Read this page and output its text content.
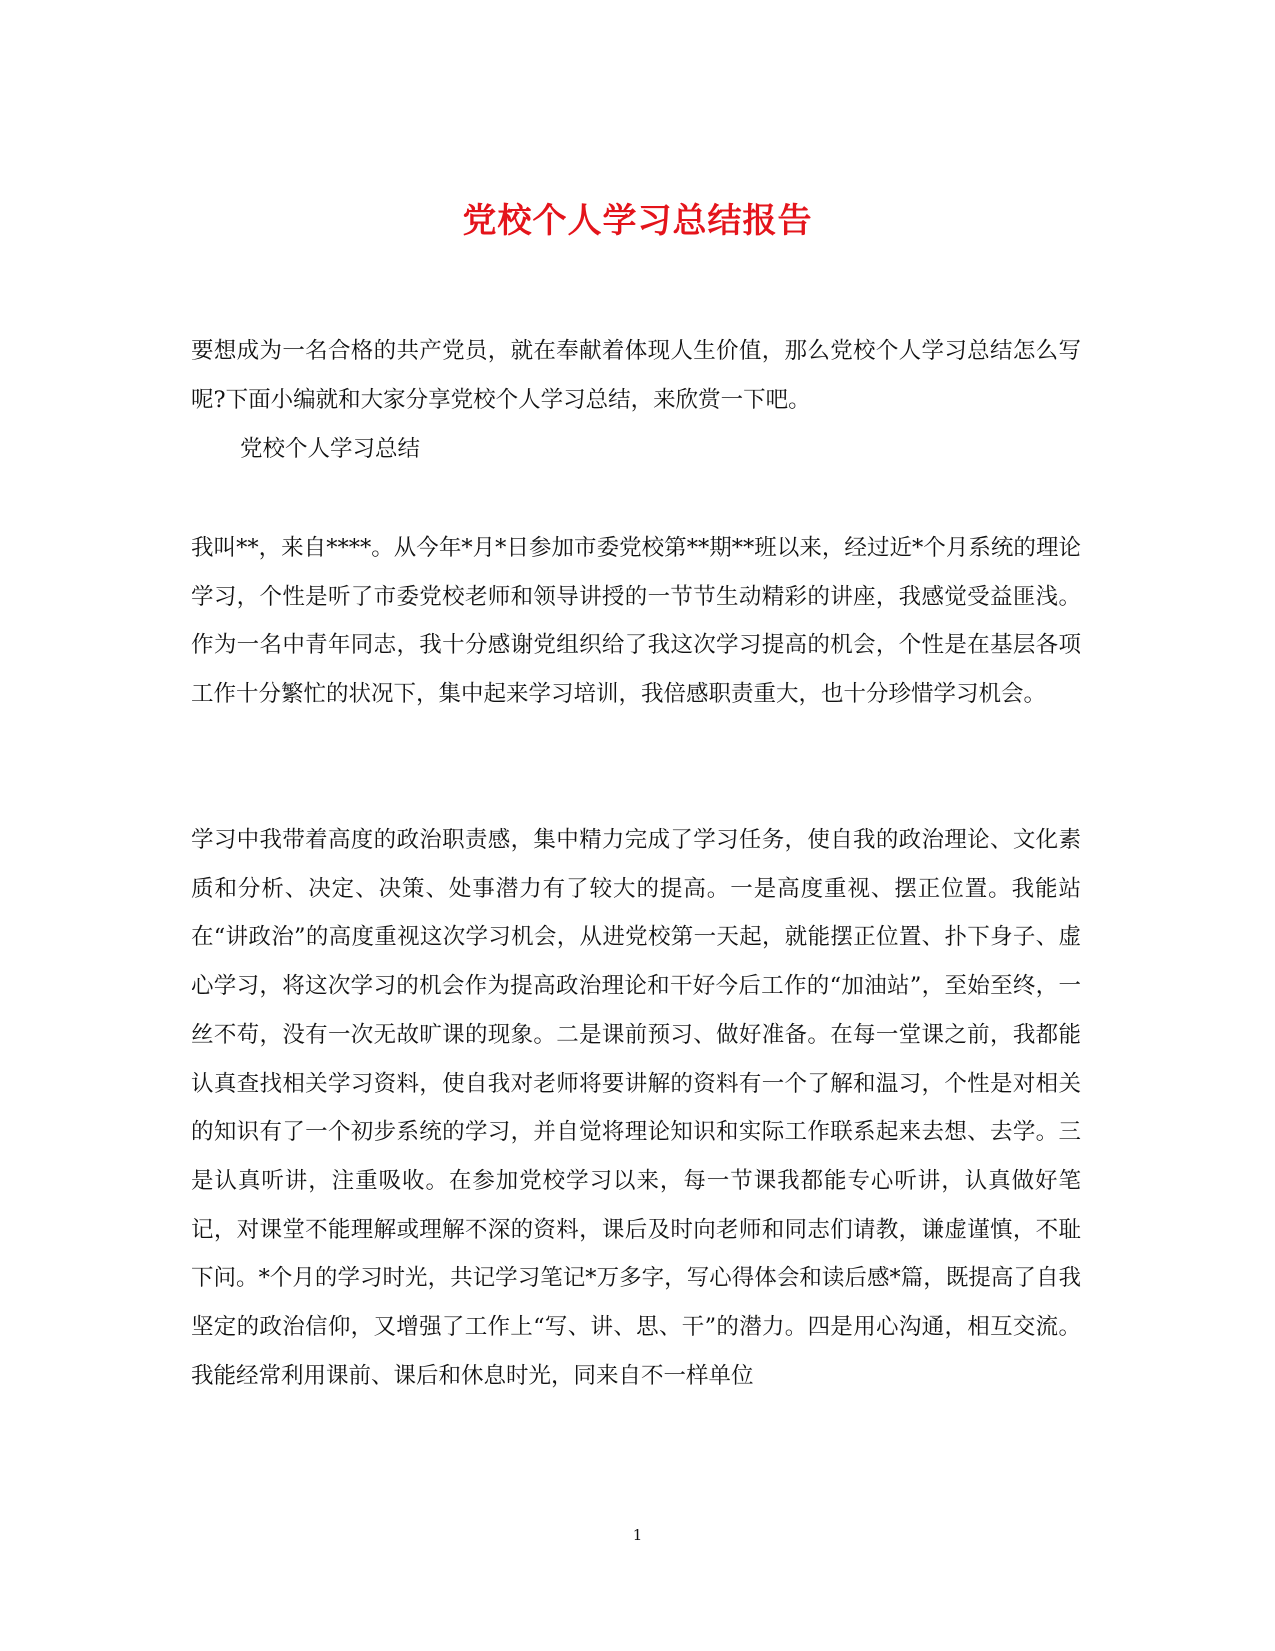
党校个人学习总结报告

要想成为一名合格的共产党员，就在奉献着体现人生价值，那么党校个人学习总结怎么写呢?下面小编就和大家分享党校个人学习总结，来欣赏一下吧。

党校个人学习总结

我叫**，来自****。从今年*月*日参加市委党校第**期**班以来，经过近*个月系统的理论学习，个性是听了市委党校老师和领导讲授的一节节生动精彩的讲座，我感觉受益匪浅。作为一名中青年同志，我十分感谢党组织给了我这次学习提高的机会，个性是在基层各项工作十分繁忙的状况下，集中起来学习培训，我倍感职责重大，也十分珍惜学习机会。

学习中我带着高度的政治职责感，集中精力完成了学习任务，使自我的政治理论、文化素质和分析、决定、决策、处事潜力有了较大的提高。一是高度重视、摆正位置。我能站在“讲政治”的高度重视这次学习机会，从进党校第一天起，就能摆正位置、扑下身子、虚心学习，将这次学习的机会作为提高政治理论和干好今后工作的“加油站”，至始至终，一丝不苟，没有一次无故旷课的现象。二是课前预习、做好准备。在每一堂课之前，我都能认真查找相关学习资料，使自我对老师将要讲解的资料有一个了解和温习，个性是对相关的知识有了一个初步系统的学习，并自觉将理论知识和实际工作联系起来去想、去学。三是认真听讲，注重吸收。在参加党校学习以来，每一节课我都能专心听讲，认真做好笔记，对课堂不能理解或理解不深的资料，课后及时向老师和同志们请教，谦虚谨慎，不耻下问。*个月的学习时光，共记学习笔记*万多字，写心得体会和读后感*篇，既提高了自我坚定的政治信仰，又增强了工作上“写、讲、思、干”的潜力。四是用心沟通，相互交流。我能经常利用课前、课后和休息时光，同来自不一样单位

1
